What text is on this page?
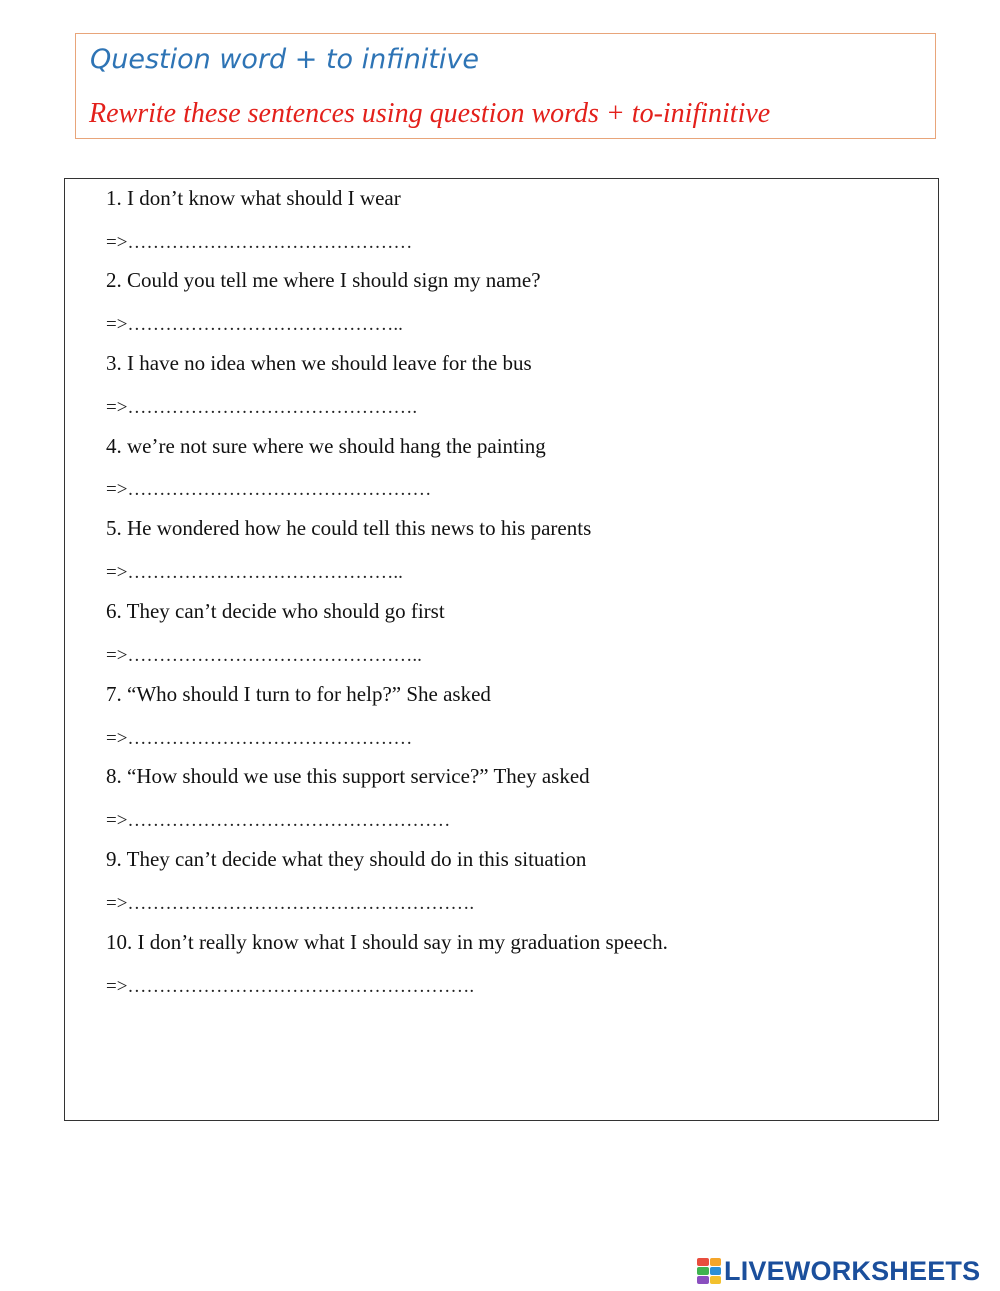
Question word + to infinitive
Rewrite these sentences using question words + to-inifinitive
1. I don’t know what should I wear
=>………………………………………
2. Could you tell me where I should sign my name?
=>……………………………………..
3. I have no idea when we should leave for the bus
=>……………………………………….
4. we’re not sure where we should hang the painting
=>…………………………………………
5. He wondered how he could tell this news to his parents
=>……………………………………..
6. They can’t decide who should go first
=>………………………………………..
7. “Who should I turn to for help?” She asked
=>………………………………………
8. “How should we use this support service?” They asked
=>……………………………………………
9. They can’t decide what they should do in this situation
=>……………………………………………….
10. I don’t really know what I should say in my graduation speech.
=>……………………………………………….
LIVEWORKSHEETS
